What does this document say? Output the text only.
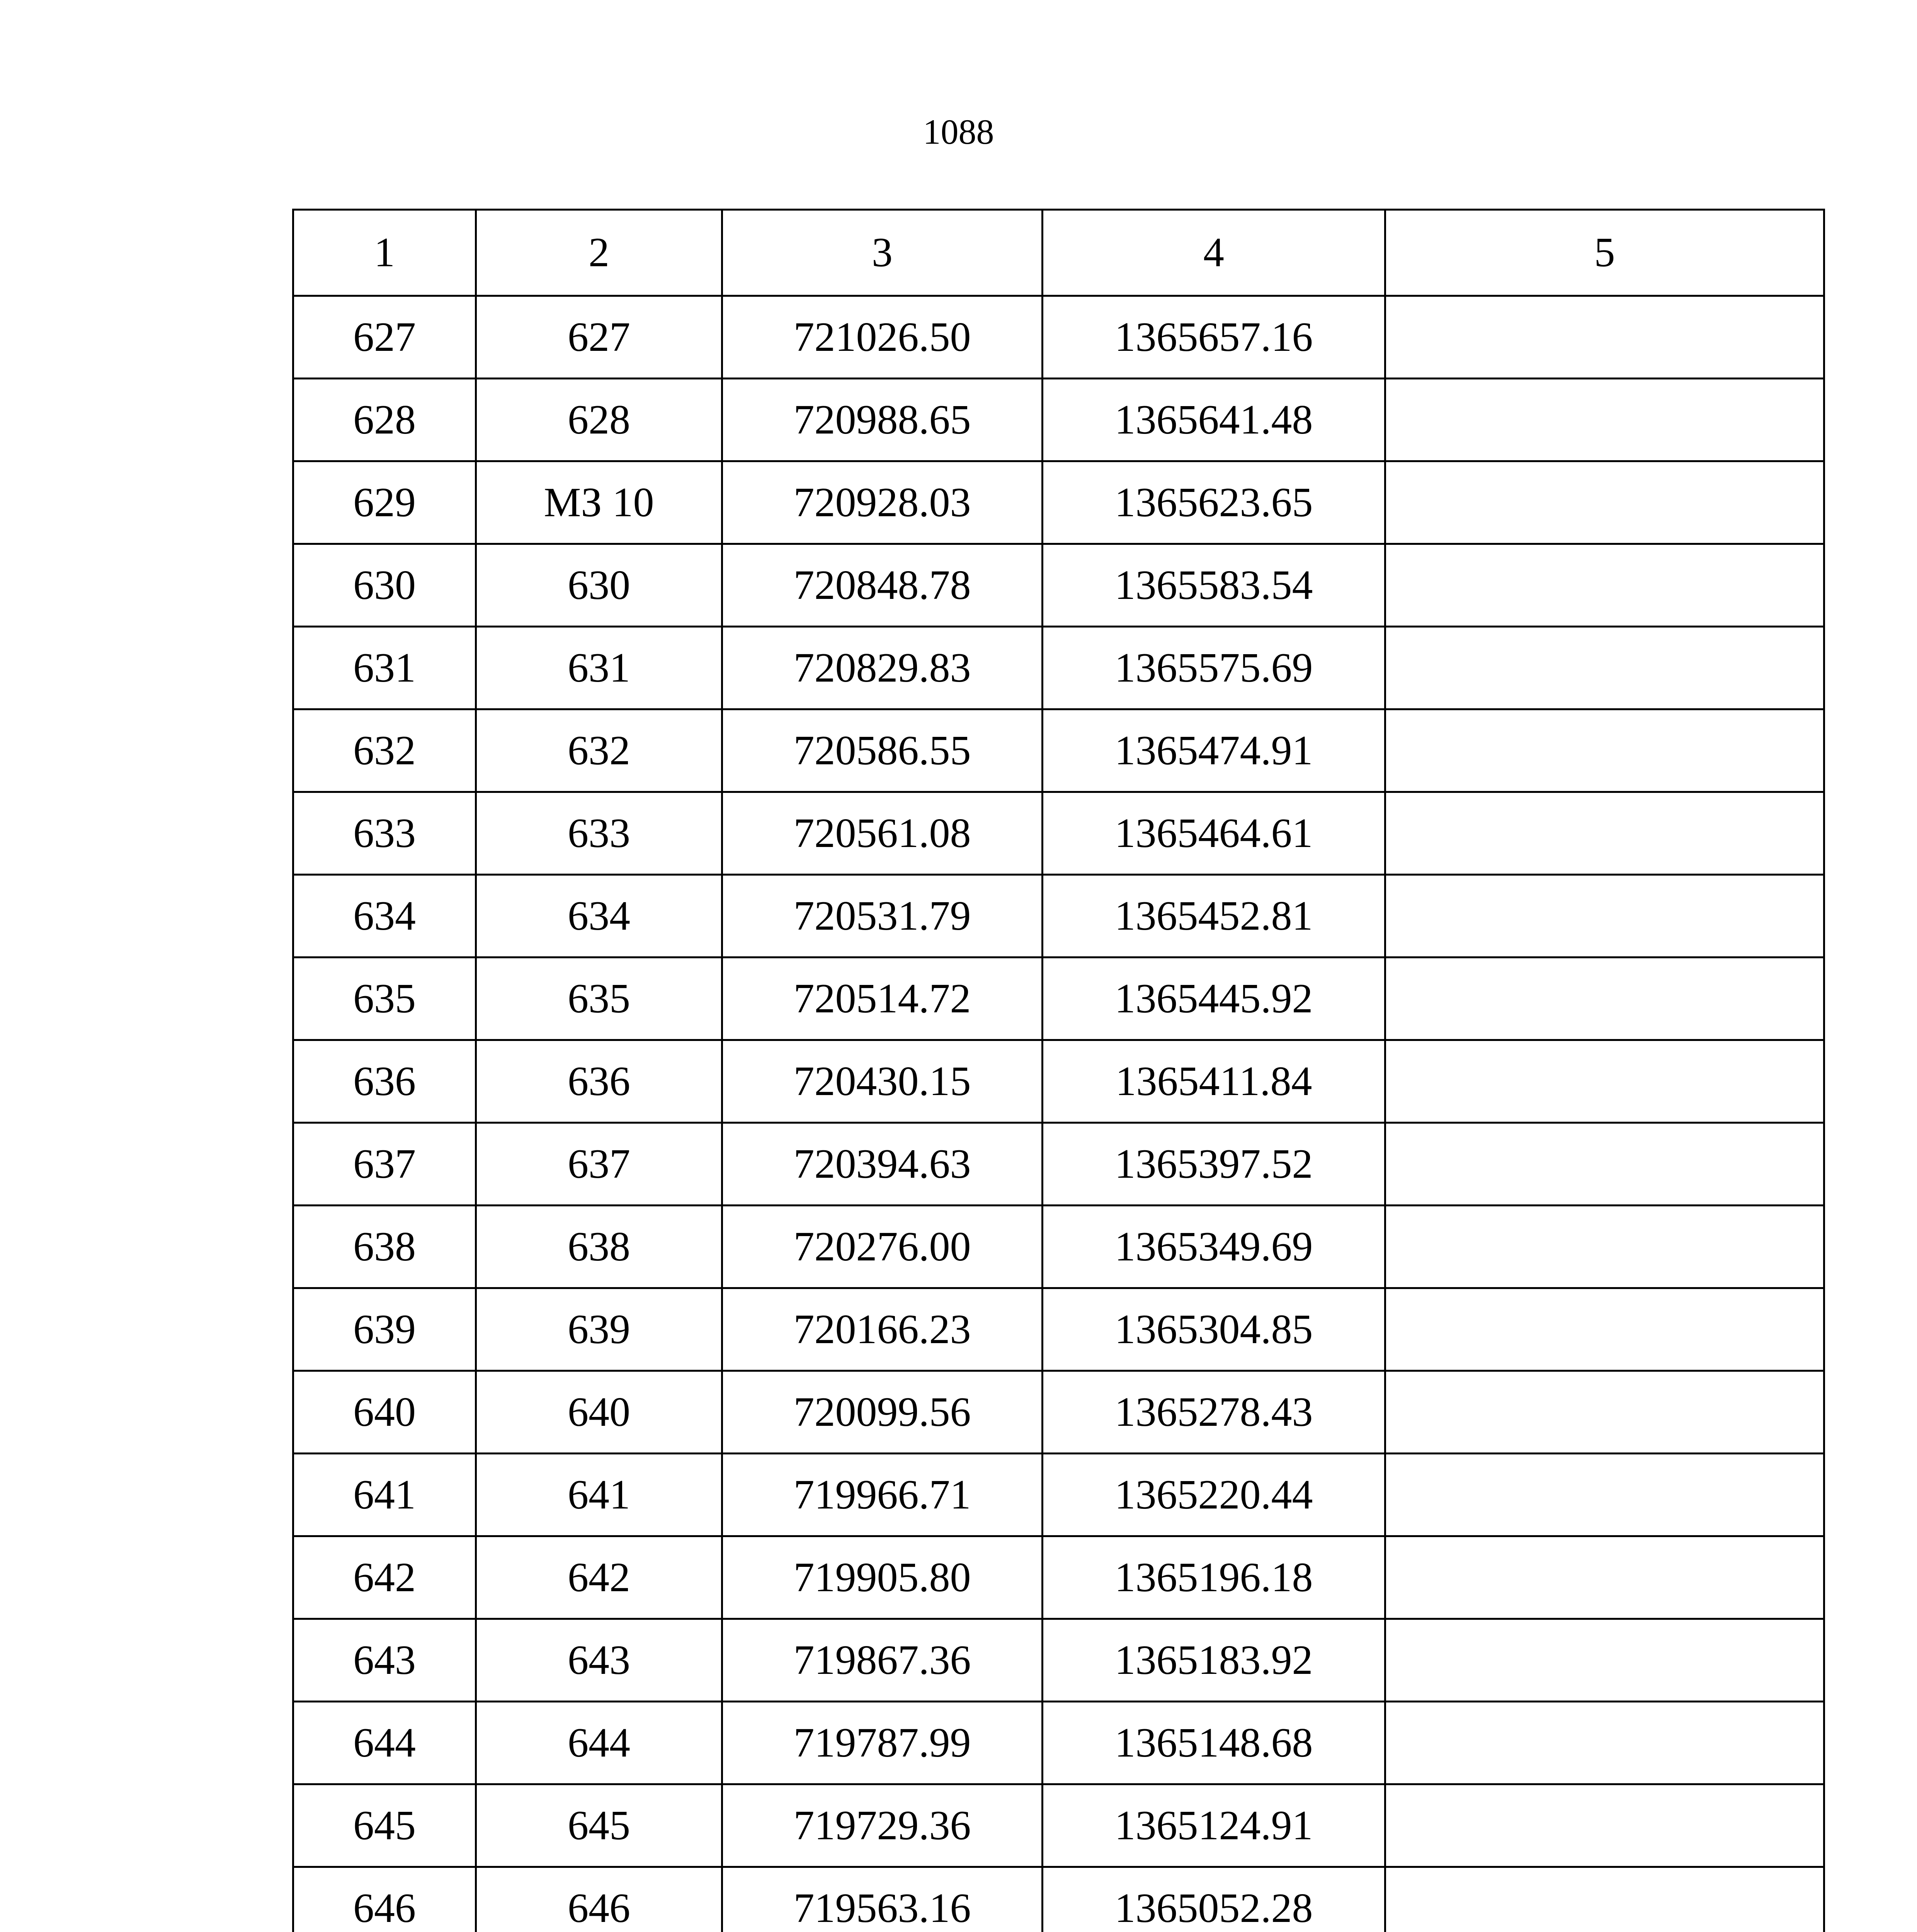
1088
1	2	3	4	5
627	627	721026.50	1365657.16	
628	628	720988.65	1365641.48	
629	МЗ 10	720928.03	1365623.65	
630	630	720848.78	1365583.54	
631	631	720829.83	1365575.69	
632	632	720586.55	1365474.91	
633	633	720561.08	1365464.61	
634	634	720531.79	1365452.81	
635	635	720514.72	1365445.92	
636	636	720430.15	1365411.84	
637	637	720394.63	1365397.52	
638	638	720276.00	1365349.69	
639	639	720166.23	1365304.85	
640	640	720099.56	1365278.43	
641	641	719966.71	1365220.44	
642	642	719905.80	1365196.18	
643	643	719867.36	1365183.92	
644	644	719787.99	1365148.68	
645	645	719729.36	1365124.91	
646	646	719563.16	1365052.28	
